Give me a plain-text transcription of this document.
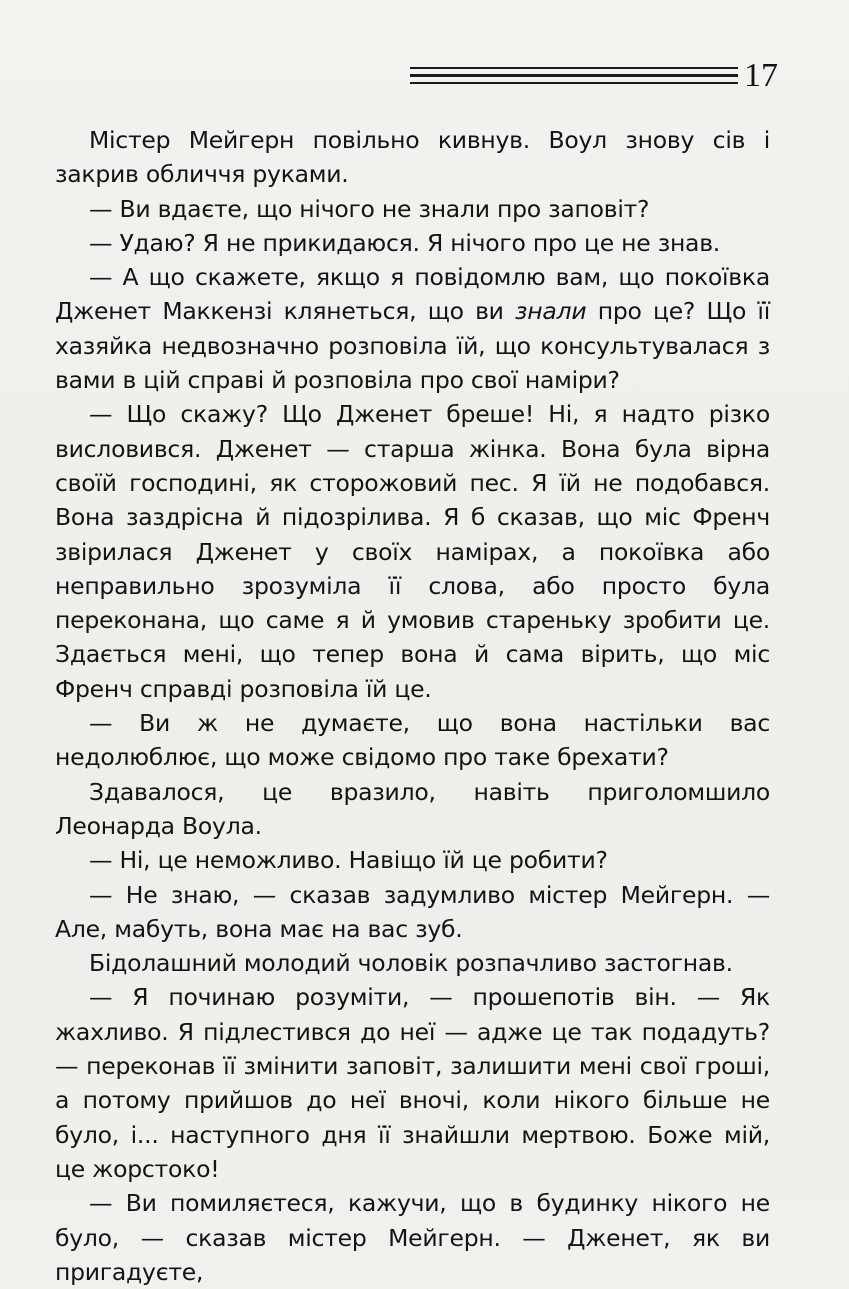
17

Містер Мейгерн повільно кивнув. Воул знову сів і закрив обличчя руками.

— Ви вдаєте, що нічого не знали про заповіт?

— Удаю? Я не прикидаюся. Я нічого про це не знав.

— А що скажете, якщо я повідомлю вам, що покоївка Дженет Маккензі клянеться, що ви знали про це? Що її хазяйка недвозначно розповіла їй, що консультувалася з вами в цій справі й розповіла про свої наміри?

— Що скажу? Що Дженет бреше! Ні, я надто різко висловився. Дженет — старша жінка. Вона була вірна своїй господині, як сторожовий пес. Я їй не подобався. Вона заздрісна й підозрілива. Я б сказав, що міс Френч звірилася Дженет у своїх намірах, а покоївка або неправильно зрозуміла її слова, або просто була переконана, що саме я й умовив стареньку зробити це. Здається мені, що тепер вона й сама вірить, що міс Френч справді розповіла їй це.

— Ви ж не думаєте, що вона настільки вас недолюблює, що може свідомо про таке брехати?

Здавалося, це вразило, навіть приголомшило Леонарда Воула.

— Ні, це неможливо. Навіщо їй це робити?

— Не знаю, — сказав задумливо містер Мейгерн. — Але, мабуть, вона має на вас зуб.

Бідолашний молодий чоловік розпачливо застогнав.

— Я починаю розуміти, — прошепотів він. — Як жахливо. Я підлестився до неї — адже це так подадуть? — переконав її змінити заповіт, залишити мені свої гроші, а потому прийшов до неї вночі, коли нікого більше не було, і... наступного дня її знайшли мертвою. Боже мій, це жорстоко!

— Ви помиляєтеся, кажучи, що в будинку нікого не було, — сказав містер Мейгерн. — Дженет, як ви пригадуєте,
